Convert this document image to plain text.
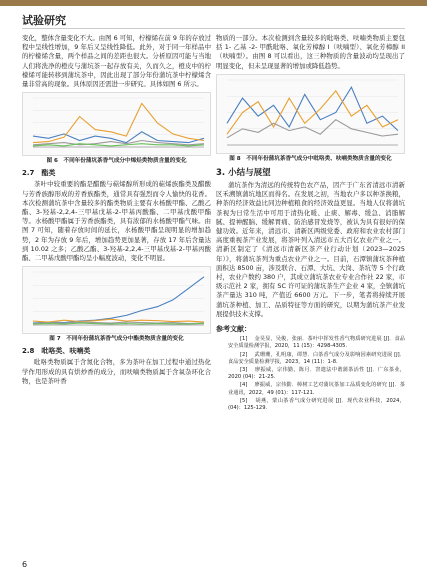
试验研究

变化，整体含量变化不大。由图 6 可知，柠檬烯在前 9 年的存放过程中呈线性增加，9 年后又呈线性降低。此外，对于同一年样品中的柠檬烯含量，两个样品之间的差距也很大。分析原因可能与当地人们将洗净的橙皮与蒲坑茶一起存放有关，久而久之，橙皮中的柠檬烯可能转移到蒲坑茶中，因此出现了部分年份蒲坑茶中柠檬烯含量非常高的现象。具体原因还需进一步研究。具体如图 6 所示。

图 6　不同年份蒲坑茶香气成分中烯烃类物质含量的变化
2.7　酯类

茶叶中较重要的酯是醋酸与萜烯醇所形成的萜烯族酯类及醋酸与芳香族醇形成的芳香族酯类，通常具有强烈而令人愉快的花香。本次检测蒲坑茶中含量较多的酯类物质主要有水杨酸甲酯、乙酸乙酯、3-羟基-2,2,4-三甲基戊基-2-甲基丙酸酯、二甲基戊酸甲酯等。水杨酸甲酯属于芳香族酯类，具有浓郁的水杨酸甲酯气味。由图 7 可知，随着存放时间的延长，水杨酸甲酯呈现明显的增加趋势，2 年为存放 9 年后，增加趋势更加显著，存放 17 年后含量达到 10.02 之多；乙酸乙酯、3-羟基-2,2,4-三甲基戊基-2-甲基丙酸酯、二甲基戊酸甲酯均呈小幅度波动，变化不明显。

图 7　不同年份蒲坑茶香气成分中酯类物质含量的变化
2.8　吡咯类、呋喃类

吡咯类物质属于含氮化合物，多为茶叶在加工过程中通过热化学作用形成的具有烘炒香的成分，而呋喃类物质属于含氧杂环化合物，也是茶叶香

物质的一部分。本次检测到含量较多的吡咯类、呋喃类物质主要包括 1- 乙基 -2- 甲酰吡咯、氧化芳樟醇 I（呋喃型）、氧化芳樟醇 II（呋喃型）。由图 8 可以看出，这三种物质的含量波动均呈现出了明显变化，但未呈现显著的增加或降低趋势。

图 8　不同年份蒲坑茶香气成分中吡咯类、呋喃类物质含量的变化
3. 小结与展望

蒲坑茶作为清远的传统特色农产品，因产于广东省清远市清新区禾溯镇蒲坑地区而得名。在发展之初，当地农户多以种茶换粮，种茶的经济效益比同边种植粮食的经济效益更显。当地人仅将蒲坑茶视为日常生活中可用于清热化暖、止痰、解毒、缓急、消脂解腻、提神醒脑、缓解胃痛、防治感冒发烧等，被认为具有很好的保健功效。近年来，清远市、清新区两级党委、政府和农业农村部门高度重视茶产业发展，将茶叶列入清远市五大百亿农业产业之一。清新区制定了《清远市清新区茶产业行动计划（2023—2025 年）》，将蒲坑茶列为重点农业产业之一。目前，石潭镇蒲坑茶种植面积达 8500 亩，涉及联合、石潭、大坑、大岗、茶坑等 5 个行政村，农业户数约 380 户，其成立蒲坑茶农业专业合作社 22 家，市级示范社 2 家，拥有 SC 许可证的蒲坑茶生产企业 4 家，全镇蒲坑茶产量达 310 吨，产值近 6600 万元。下一步，笔者将持续开展蒲坑茶种植、加工、品质特征等方面的研究，以期为蒲坑茶产业发展提供技术支撑。

参考文献：

[1]　 金昊显，吴俊，张丽．茶叶中挥发性香气物质研究进展 [J]．食品安全质量检测学报，2020，11 (15)：4298-4305.

[2]　 武珊珊，孔明康，谭慧．白茶香气成分及影响因素研究进展 [J]．食品安全质量检测学报，2023，14 (11)：1-8.

[3]　 廖振威，宗伟勤，陈月．窨遣法中谐蒲茶活性 [J]．广东茶业，2020 (04)：21-25.

[4]　 廖振威，宗伟勤．樟树工艺对蒲坑茶加工品质变化的研究 [J]．茶业通讯，2022，49 (01)：117-121.

[5]　 胡燕，蒙山茶香气成分研究进展 [J]．现代农业科技，2024，(04)：125-129.

6
